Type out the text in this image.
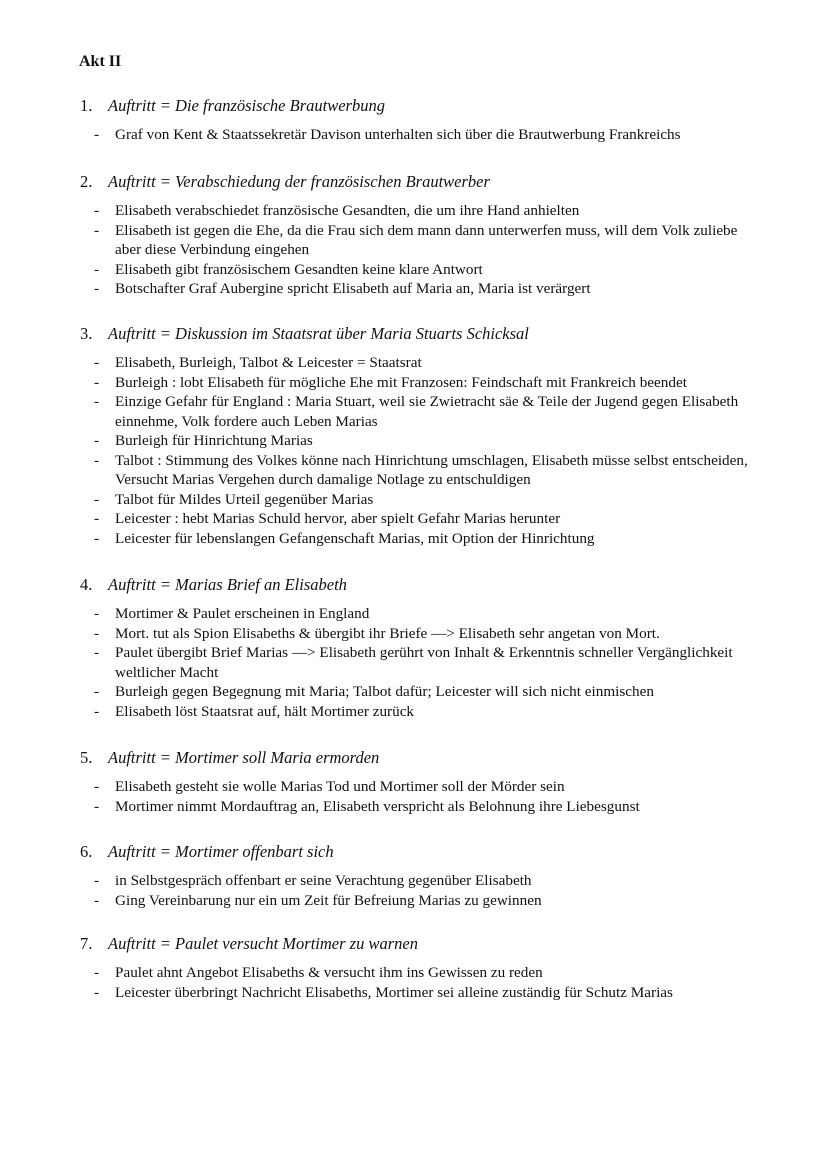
Akt II
1. Auftritt = Die französische Brautwerbung
-	Graf von Kent & Staatssekretär Davison unterhalten sich über die Brautwerbung Frankreichs
2. Auftritt = Verabschiedung der französischen Brautwerber
-	Elisabeth verabschiedet französische Gesandten, die um ihre Hand anhielten
-	Elisabeth ist gegen die Ehe, da die Frau sich dem mann dann unterwerfen muss, will dem Volk zuliebe aber diese Verbindung eingehen
-	Elisabeth gibt französischem Gesandten keine klare Antwort
-	Botschafter Graf Aubergine spricht Elisabeth auf Maria an, Maria ist verärgert
3. Auftritt = Diskussion im Staatsrat über Maria Stuarts Schicksal
-	Elisabeth, Burleigh, Talbot & Leicester = Staatsrat
-	Burleigh : lobt Elisabeth für mögliche Ehe mit Franzosen: Feindschaft mit Frankreich beendet
-	Einzige Gefahr für England : Maria Stuart, weil sie Zwietracht säe & Teile der Jugend gegen Elisabeth einnehme, Volk fordere auch Leben Marias
-	Burleigh für Hinrichtung Marias
-	Talbot : Stimmung des Volkes könne nach Hinrichtung umschlagen, Elisabeth müsse selbst entscheiden, Versucht Marias Vergehen durch damalige Notlage zu entschuldigen
-	Talbot für Mildes Urteil gegenüber Marias
-	Leicester : hebt Marias Schuld hervor, aber spielt Gefahr Marias herunter
-	Leicester für lebenslangen Gefangenschaft Marias, mit Option der Hinrichtung
4. Auftritt = Marias Brief an Elisabeth
-	Mortimer & Paulet erscheinen in England
-	Mort. tut als Spion Elisabeths & übergibt ihr Briefe —> Elisabeth sehr angetan von Mort.
-	Paulet übergibt Brief Marias —> Elisabeth gerührt von Inhalt & Erkenntnis schneller Vergänglichkeit weltlicher Macht
-	Burleigh gegen Begegnung mit Maria; Talbot dafür; Leicester will sich nicht einmischen
-	Elisabeth löst Staatsrat auf, hält Mortimer zurück
5. Auftritt = Mortimer soll Maria ermorden
-	Elisabeth gesteht sie wolle Marias Tod und Mortimer soll der Mörder sein
-	Mortimer nimmt Mordauftrag an, Elisabeth verspricht als Belohnung ihre Liebesgunst
6. Auftritt = Mortimer offenbart sich
-	in Selbstgespräch offenbart er seine Verachtung gegenüber Elisabeth
-	Ging Vereinbarung nur ein um Zeit für Befreiung Marias zu gewinnen
7. Auftritt = Paulet versucht Mortimer zu warnen
-	Paulet ahnt Angebot Elisabeths & versucht ihm ins Gewissen zu reden
-	Leicester überbringt Nachricht Elisabeths, Mortimer sei alleine zuständig für Schutz Marias
